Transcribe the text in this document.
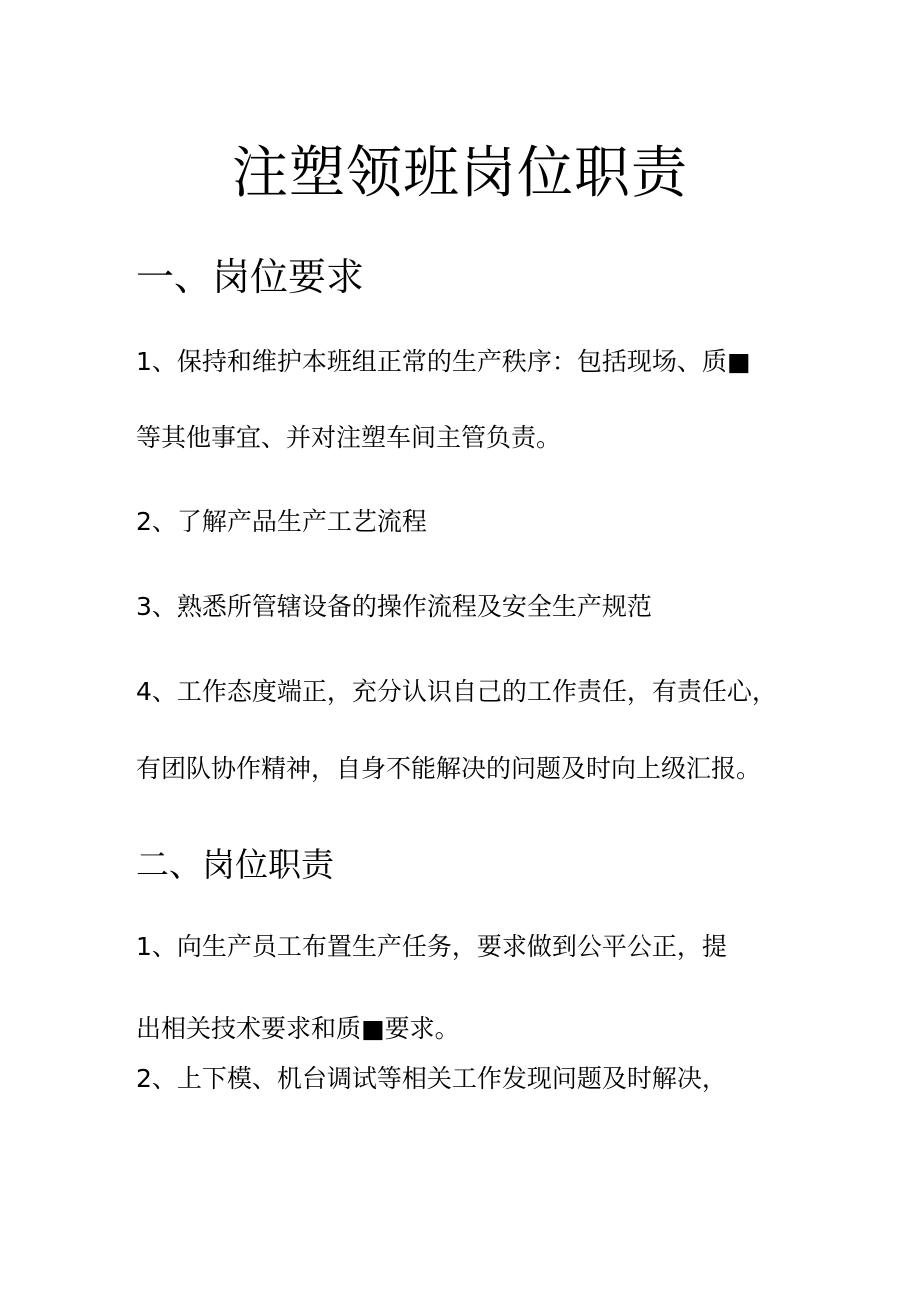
注塑领班岗位职责
一、岗位要求
1、保持和维护本班组正常的生产秩序：包括现场、质■
等其他事宜、并对注塑车间主管负责。
2、了解产品生产工艺流程
3、熟悉所管辖设备的操作流程及安全生产规范
4、工作态度端正，充分认识自己的工作责任，有责任心，
有团队协作精神，自身不能解决的问题及时向上级汇报。
二、岗位职责
1、向生产员工布置生产任务，要求做到公平公正，提
出相关技术要求和质■要求。
2、上下模、机台调试等相关工作发现问题及时解决，
